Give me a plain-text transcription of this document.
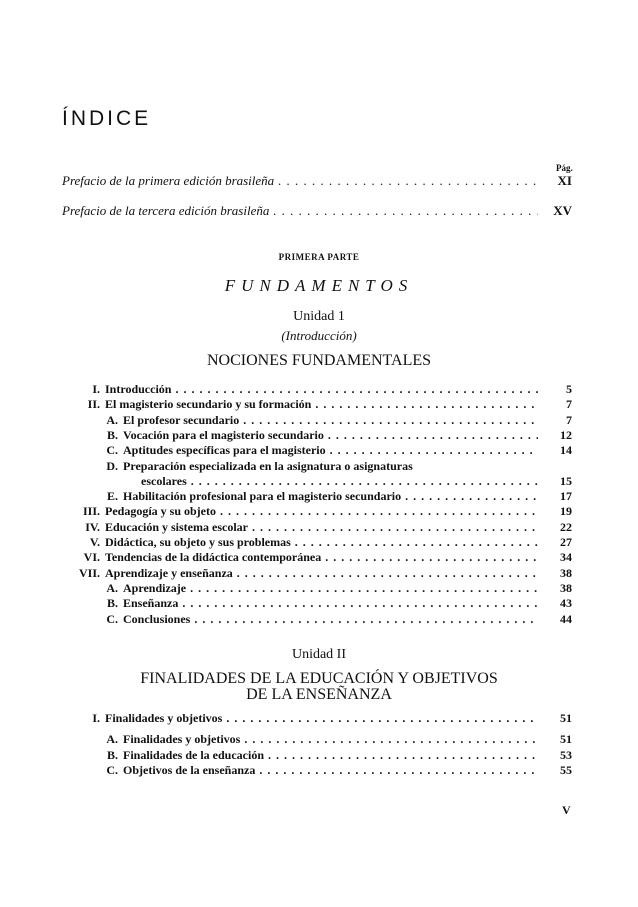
ÍNDICE
Pág.
Prefacio de la primera edición brasileña . . .	XI
Prefacio de la tercera edición brasileña . . .	XV
PRIMERA PARTE
FUNDAMENTOS
Unidad 1
(Introducción)
NOCIONES FUNDAMENTALES
I. Introducción . . .	5
II. El magisterio secundario y su formación . . .	7
A. El profesor secundario . . .	7
B. Vocación para el magisterio secundario . . .	12
C. Aptitudes específicas para el magisterio . . .	14
D. Preparación especializada en la asignatura o asignaturas
escolares . . .	15
E. Habilitación profesional para el magisterio secundario . . .	17
III. Pedagogía y su objeto . . .	19
IV. Educación y sistema escolar . . .	22
V. Didáctica, su objeto y sus problemas . . .	27
VI. Tendencias de la didáctica contemporánea . . .	34
VII. Aprendizaje y enseñanza . . .	38
A. Aprendizaje . . .	38
B. Enseñanza . . .	43
C. Conclusiones . . .	44
Unidad II
FINALIDADES DE LA EDUCACIÓN Y OBJETIVOS
DE LA ENSEÑANZA
I. Finalidades y objetivos . . .	51
A. Finalidades y objetivos . . .	51
B. Finalidades de la educación . . .	53
C. Objetivos de la enseñanza . . .	55
V
